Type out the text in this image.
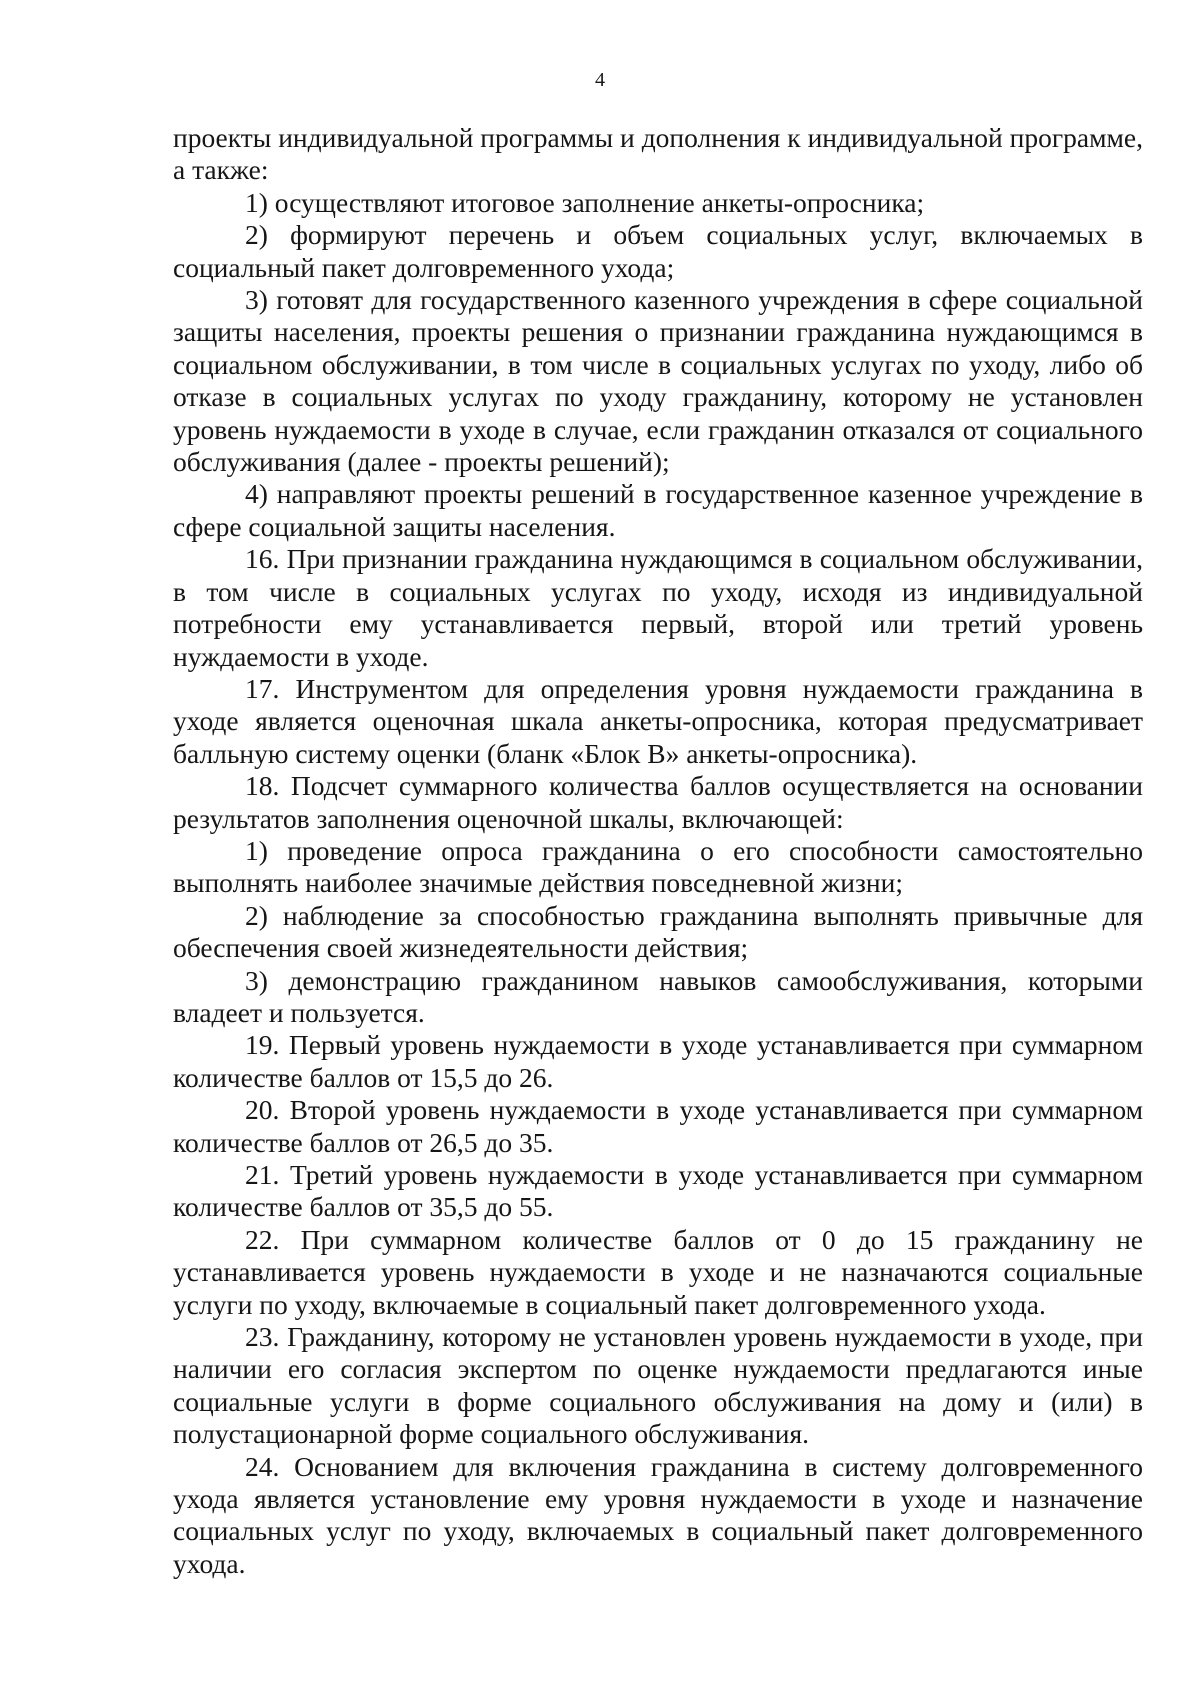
4

проекты индивидуальной программы и дополнения к индивидуальной программе, а также:

1) осуществляют итоговое заполнение анкеты-опросника;

2) формируют перечень и объем социальных услуг, включаемых в социальный пакет долговременного ухода;

3) готовят для государственного казенного учреждения в сфере социальной защиты населения, проекты решения о признании гражданина нуждающимся в социальном обслуживании, в том числе в социальных услугах по уходу, либо об отказе в социальных услугах по уходу гражданину, которому не установлен уровень нуждаемости в уходе в случае, если гражданин отказался от социального обслуживания (далее - проекты решений);

4) направляют проекты решений в государственное казенное учреждение в сфере социальной защиты населения.

16. При признании гражданина нуждающимся в социальном обслуживании, в том числе в социальных услугах по уходу, исходя из индивидуальной потребности ему устанавливается первый, второй или третий уровень нуждаемости в уходе.

17. Инструментом для определения уровня нуждаемости гражданина в уходе является оценочная шкала анкеты-опросника, которая предусматривает балльную систему оценки (бланк «Блок В» анкеты-опросника).

18. Подсчет суммарного количества баллов осуществляется на основании результатов заполнения оценочной шкалы, включающей:

1) проведение опроса гражданина о его способности самостоятельно выполнять наиболее значимые действия повседневной жизни;

2) наблюдение за способностью гражданина выполнять привычные для обеспечения своей жизнедеятельности действия;

3) демонстрацию гражданином навыков самообслуживания, которыми владеет и пользуется.

19. Первый уровень нуждаемости в уходе устанавливается при суммарном количестве баллов от 15,5 до 26.

20. Второй уровень нуждаемости в уходе устанавливается при суммарном количестве баллов от 26,5 до 35.

21. Третий уровень нуждаемости в уходе устанавливается при суммарном количестве баллов от 35,5 до 55.

22. При суммарном количестве баллов от 0 до 15 гражданину не устанавливается уровень нуждаемости в уходе и не назначаются социальные услуги по уходу, включаемые в социальный пакет долговременного ухода.

23. Гражданину, которому не установлен уровень нуждаемости в уходе, при наличии его согласия экспертом по оценке нуждаемости предлагаются иные социальные услуги в форме социального обслуживания на дому и (или) в полустационарной форме социального обслуживания.

24. Основанием для включения гражданина в систему долговременного ухода является установление ему уровня нуждаемости в уходе и назначение социальных услуг по уходу, включаемых в социальный пакет долговременного ухода.
